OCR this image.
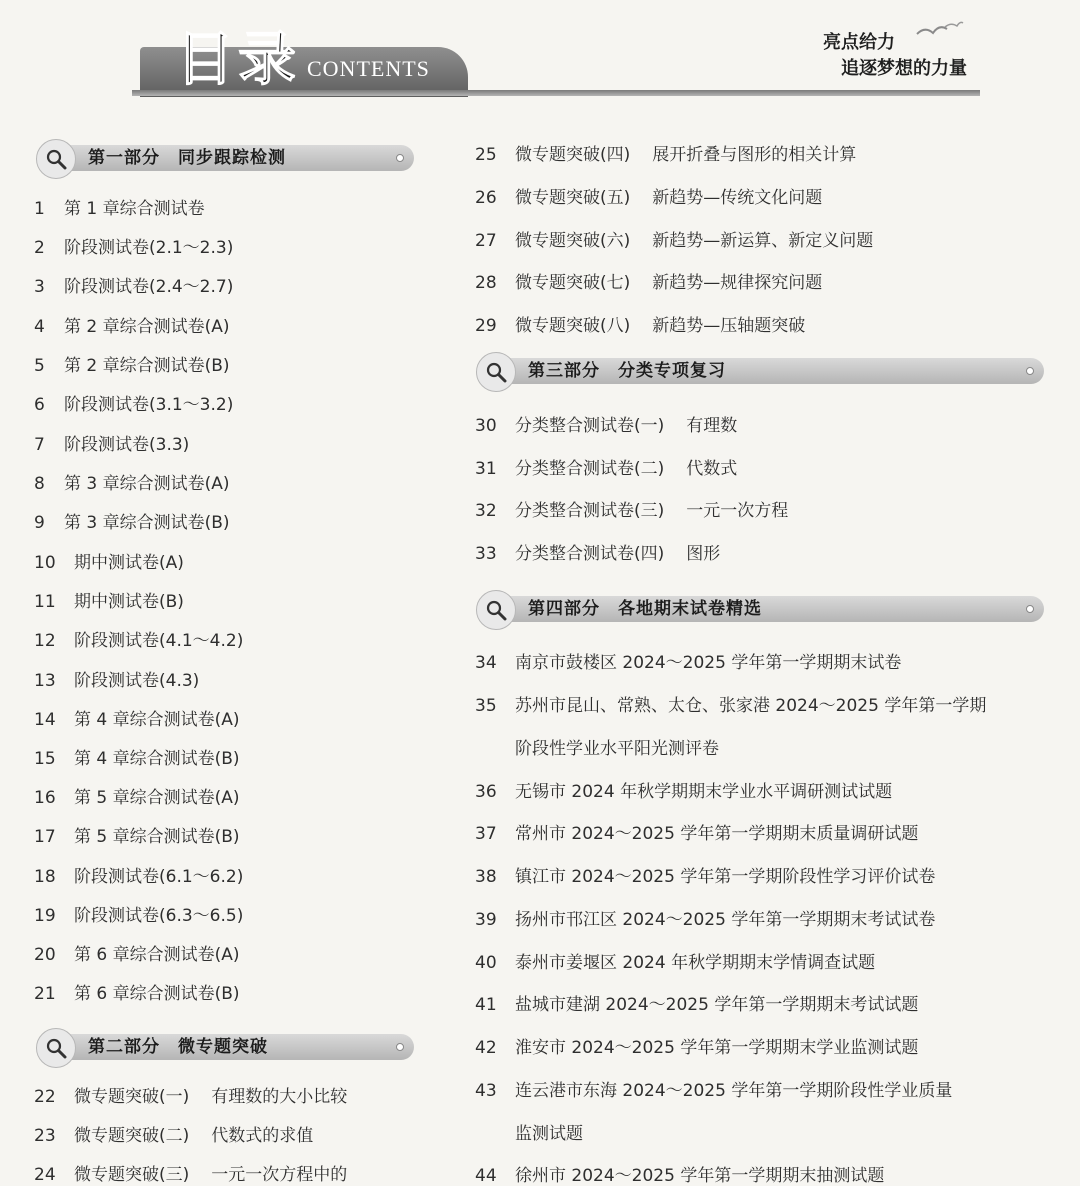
目录 CONTENTS
亮点给力
追逐梦想的力量
第一部分　同步跟踪检测
第二部分　微专题突破
第三部分　分类专项复习
第四部分　各地期末试卷精选
1 第 1 章综合测试卷
2 阶段测试卷(2.1～2.3)
3 阶段测试卷(2.4～2.7)
4 第 2 章综合测试卷(A)
5 第 2 章综合测试卷(B)
6 阶段测试卷(3.1～3.2)
7 阶段测试卷(3.3)
8 第 3 章综合测试卷(A)
9 第 3 章综合测试卷(B)
10 期中测试卷(A)
11 期中测试卷(B)
12 阶段测试卷(4.1～4.2)
13 阶段测试卷(4.3)
14 第 4 章综合测试卷(A)
15 第 4 章综合测试卷(B)
16 第 5 章综合测试卷(A)
17 第 5 章综合测试卷(B)
18 阶段测试卷(6.1～6.2)
19 阶段测试卷(6.3～6.5)
20 第 6 章综合测试卷(A)
21 第 6 章综合测试卷(B)
22 微专题突破(一) 有理数的大小比较
23 微专题突破(二) 代数式的求值
24 微专题突破(三) 一元一次方程中的
25 微专题突破(四) 展开折叠与图形的相关计算
26 微专题突破(五) 新趋势—传统文化问题
27 微专题突破(六) 新趋势—新运算、新定义问题
28 微专题突破(七) 新趋势—规律探究问题
29 微专题突破(八) 新趋势—压轴题突破
30 分类整合测试卷(一) 有理数
31 分类整合测试卷(二) 代数式
32 分类整合测试卷(三) 一元一次方程
33 分类整合测试卷(四) 图形
34 南京市鼓楼区 2024～2025 学年第一学期期末试卷
35 苏州市昆山、常熟、太仓、张家港 2024～2025 学年第一学期
阶段性学业水平阳光测评卷
36 无锡市 2024 年秋学期期末学业水平调研测试试题
37 常州市 2024～2025 学年第一学期期末质量调研试题
38 镇江市 2024～2025 学年第一学期阶段性学习评价试卷
39 扬州市邗江区 2024～2025 学年第一学期期末考试试卷
40 泰州市姜堰区 2024 年秋学期期末学情调查试题
41 盐城市建湖 2024～2025 学年第一学期期末考试试题
42 淮安市 2024～2025 学年第一学期期末学业监测试题
43 连云港市东海 2024～2025 学年第一学期阶段性学业质量
监测试题
44 徐州市 2024～2025 学年第一学期期末抽测试题
